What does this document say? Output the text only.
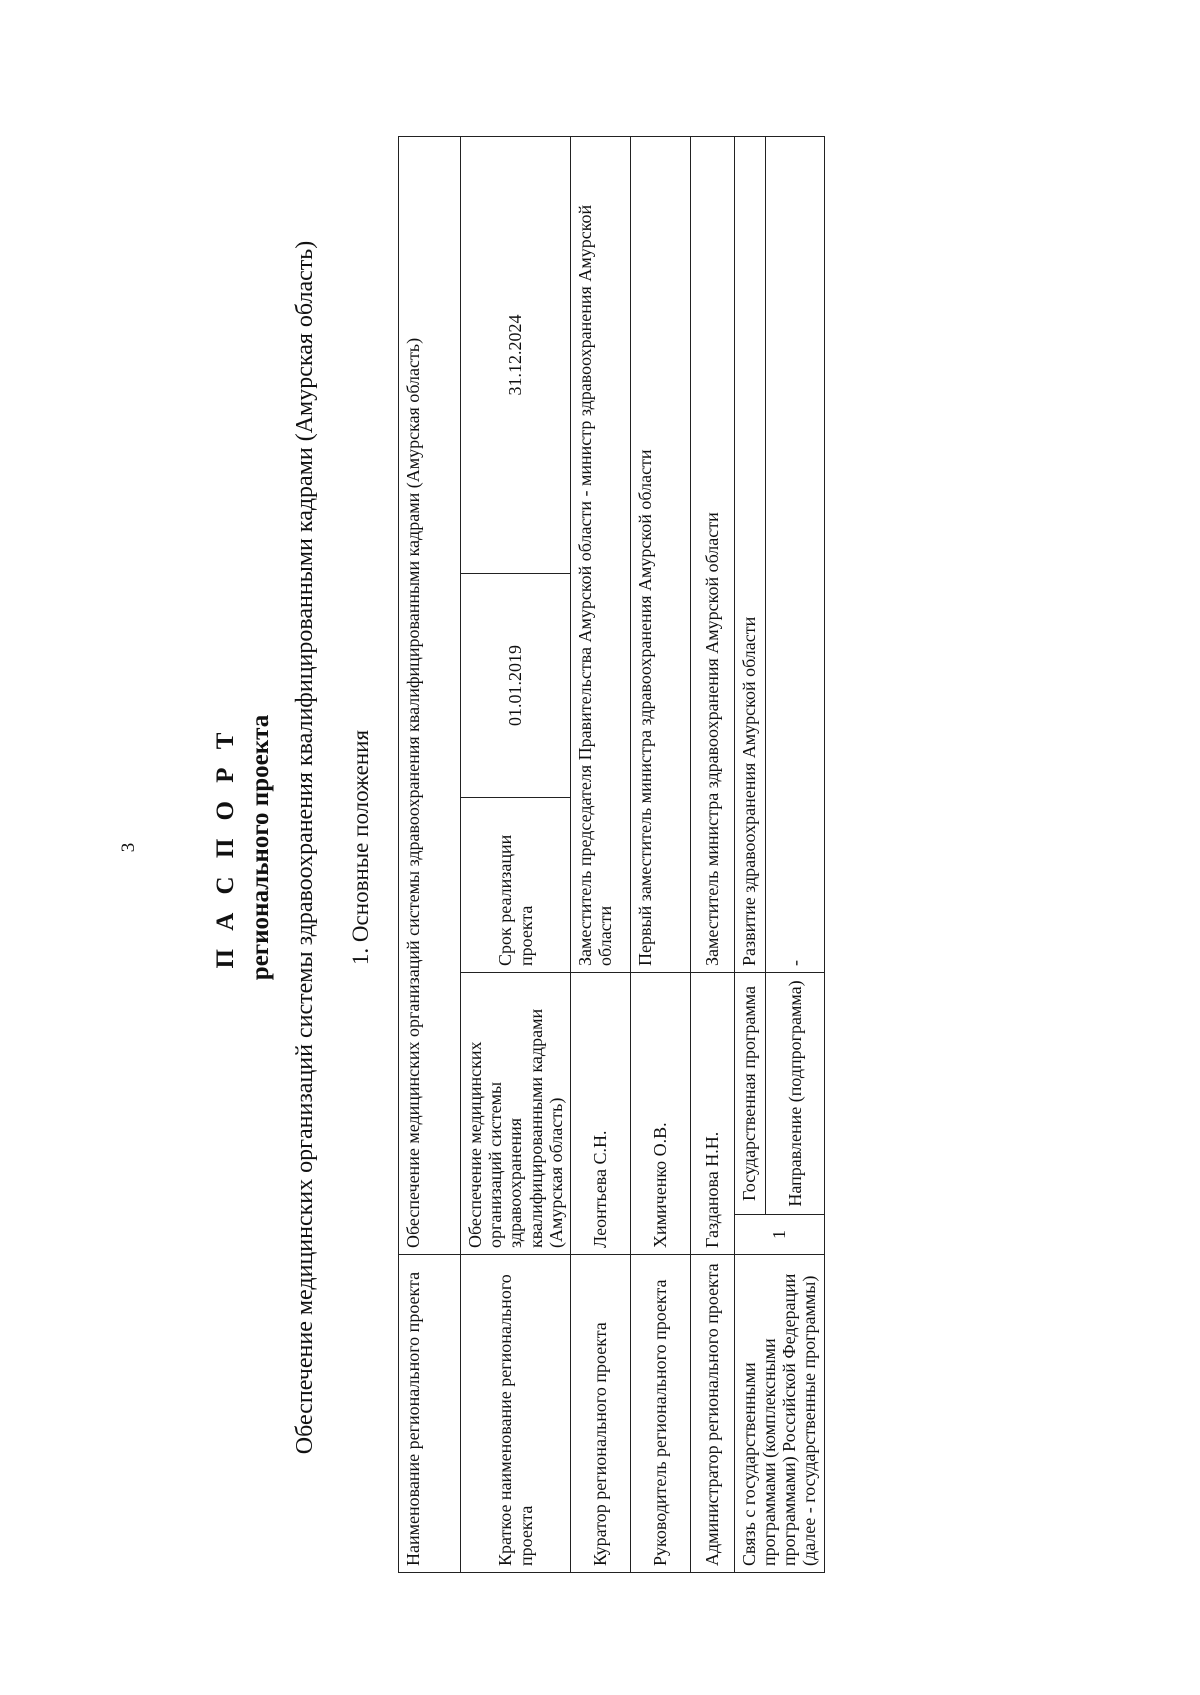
3	П А С П О Р Т регионального проекта Обеспечение медицинских организаций системы здравоохранения квалифицированными кадрами (Амурская область) 1. Основные положения
Наименование регионального проекта	Обеспечение медицинских организаций системы здравоохранения квалифицированными кадрами (Амурская область)				
Краткое наименование регионального проекта	Обеспечение медицинских организаций системы здравоохранения квалифицированными кадрами (Амурская область)		Срок реализации проекта	01.01.2019	31.12.2024
Куратор регионального проекта	Леонтьева С.Н.		Заместитель председателя Правительства Амурской области - министр здравоохранения Амурской области		
Руководитель регионального проекта	Химиченко О.В.		Первый заместитель министра здравоохранения Амурской области		
Администратор регионального проекта	Газданова Н.Н.		Заместитель министра здравоохранения Амурской области		
Связь с государственными программами (комплексными программами) Российской Федерации (далее - государственные программы)	1	Государственная программа	Развитие здравоохранения Амурской области		
		Направление (подпрограмма)	-		
